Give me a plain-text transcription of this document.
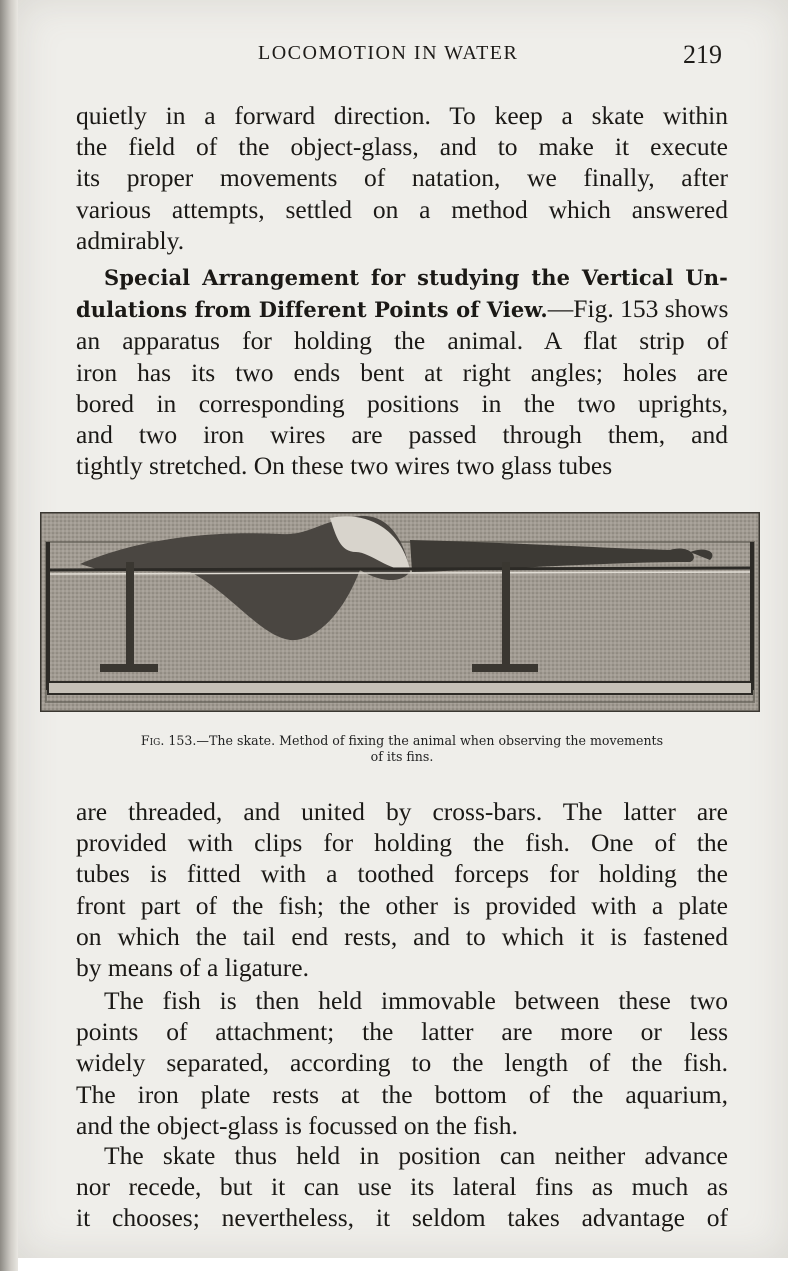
LOCOMOTION IN WATER	219
quietly in a forward direction. To keep a skate within
the field of the object-glass, and to make it execute
its proper movements of natation, we finally, after
various attempts, settled on a method which answered
admirably.
Special Arrangement for studying the Vertical Un-
dulations from Different Points of View.—Fig. 153 shows
an apparatus for holding the animal. A flat strip of
iron has its two ends bent at right angles; holes are
bored in corresponding positions in the two uprights,
and two iron wires are passed through them, and
tightly stretched. On these two wires two glass tubes
Fig. 153.—The skate. Method of fixing the animal when observing the movements
of its fins.
are threaded, and united by cross-bars. The latter are
provided with clips for holding the fish. One of the
tubes is fitted with a toothed forceps for holding the
front part of the fish; the other is provided with a plate
on which the tail end rests, and to which it is fastened
by means of a ligature.
The fish is then held immovable between these two
points of attachment; the latter are more or less
widely separated, according to the length of the fish.
The iron plate rests at the bottom of the aquarium,
and the object-glass is focussed on the fish.
The skate thus held in position can neither advance
nor recede, but it can use its lateral fins as much as
it chooses; nevertheless, it seldom takes advantage of
